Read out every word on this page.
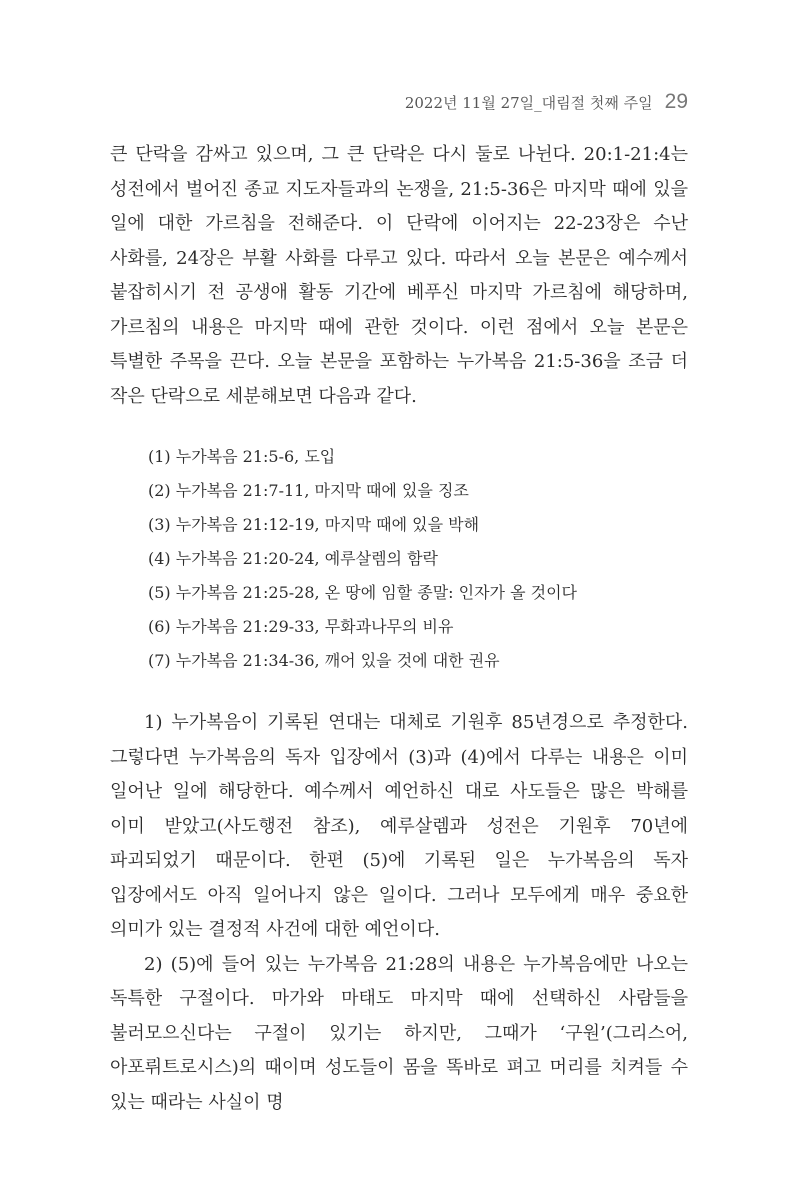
2022년 11월 27일_대림절 첫째 주일 29

큰 단락을 감싸고 있으며, 그 큰 단락은 다시 둘로 나뉜다. 20:1-21:4는 성전에서 벌어진 종교 지도자들과의 논쟁을, 21:5-36은 마지막 때에 있을 일에 대한 가르침을 전해준다. 이 단락에 이어지는 22-23장은 수난 사화를, 24장은 부활 사화를 다루고 있다. 따라서 오늘 본문은 예수께서 붙잡히시기 전 공생애 활동 기간에 베푸신 마지막 가르침에 해당하며, 가르침의 내용은 마지막 때에 관한 것이다. 이런 점에서 오늘 본문은 특별한 주목을 끈다. 오늘 본문을 포함하는 누가복음 21:5-36을 조금 더 작은 단락으로 세분해보면 다음과 같다.

(1) 누가복음 21:5-6, 도입
(2) 누가복음 21:7-11, 마지막 때에 있을 징조
(3) 누가복음 21:12-19, 마지막 때에 있을 박해
(4) 누가복음 21:20-24, 예루살렘의 함락
(5) 누가복음 21:25-28, 온 땅에 임할 종말: 인자가 올 것이다
(6) 누가복음 21:29-33, 무화과나무의 비유
(7) 누가복음 21:34-36, 깨어 있을 것에 대한 권유

1) 누가복음이 기록된 연대는 대체로 기원후 85년경으로 추정한다. 그렇다면 누가복음의 독자 입장에서 (3)과 (4)에서 다루는 내용은 이미 일어난 일에 해당한다. 예수께서 예언하신 대로 사도들은 많은 박해를 이미 받았고(사도행전 참조), 예루살렘과 성전은 기원후 70년에 파괴되었기 때문이다. 한편 (5)에 기록된 일은 누가복음의 독자 입장에서도 아직 일어나지 않은 일이다. 그러나 모두에게 매우 중요한 의미가 있는 결정적 사건에 대한 예언이다.

2) (5)에 들어 있는 누가복음 21:28의 내용은 누가복음에만 나오는 독특한 구절이다. 마가와 마태도 마지막 때에 선택하신 사람들을 불러모으신다는 구절이 있기는 하지만, 그때가 ‘구원’(그리스어, 아포뤼트로시스)의 때이며 성도들이 몸을 똑바로 펴고 머리를 치켜들 수 있는 때라는 사실이 명
